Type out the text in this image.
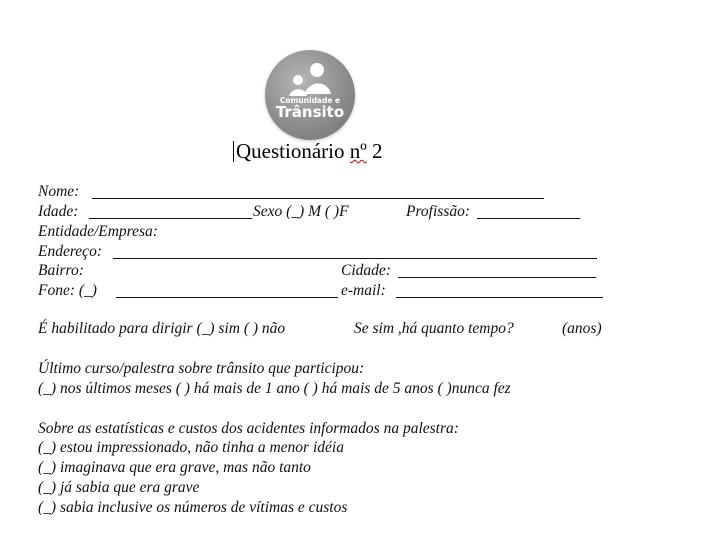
Comunidade e
Trânsito
Questionário nº 2
Nome:
Idade:	Sexo (_) M ( )F	Profissão:
Entidade/Empresa:
Endereço:
Bairro:	Cidade:
Fone: (_)	e-mail:
É habilitado para dirigir (_) sim ( ) não	Se sim ,há quanto tempo?	(anos)
Último curso/palestra sobre trânsito que participou:
(_) nos últimos meses ( ) há mais de 1 ano ( ) há mais de 5 anos ( )nunca fez
Sobre as estatísticas e custos dos acidentes informados na palestra:
(_) estou impressionado, não tinha a menor idéia
(_) imaginava que era grave, mas não tanto
(_) já sabia que era grave
(_) sabia inclusive os números de vítimas e custos
